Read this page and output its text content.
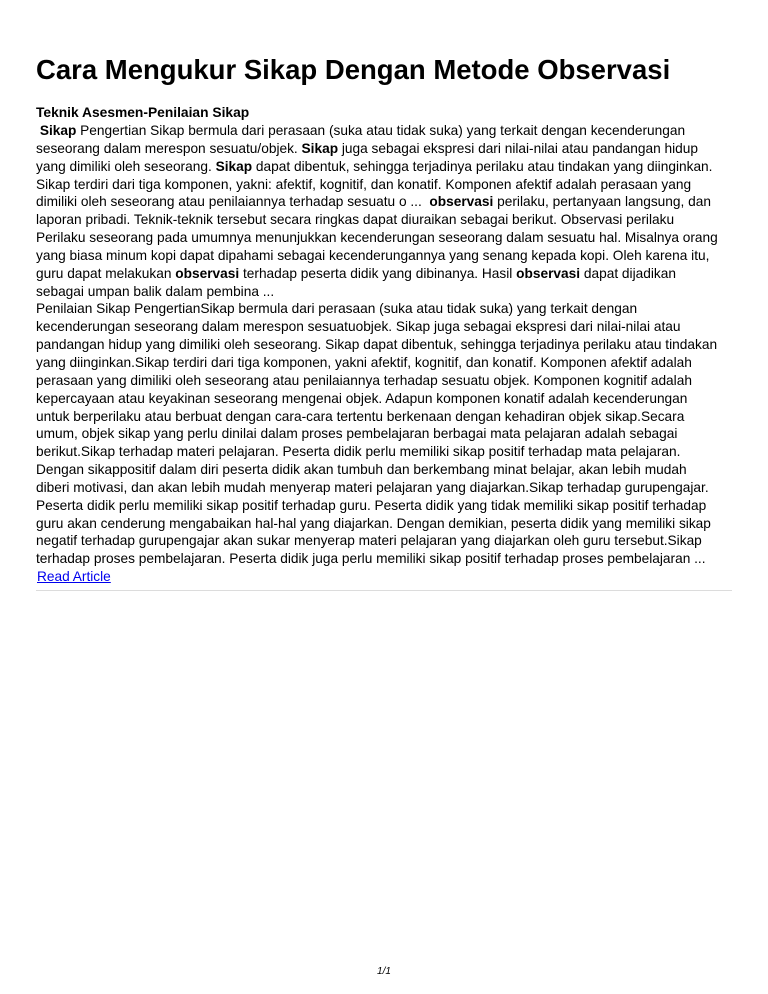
Cara Mengukur Sikap Dengan Metode Observasi
Teknik Asesmen-Penilaian Sikap
Sikap Pengertian Sikap bermula dari perasaan (suka atau tidak suka) yang terkait dengan kecenderungan
seseorang dalam merespon sesuatu/objek. Sikap juga sebagai ekspresi dari nilai-nilai atau pandangan hidup
yang dimiliki oleh seseorang. Sikap dapat dibentuk, sehingga terjadinya perilaku atau tindakan yang diinginkan.
Sikap terdiri dari tiga komponen, yakni: afektif, kognitif, dan konatif. Komponen afektif adalah perasaan yang
dimiliki oleh seseorang atau penilaiannya terhadap sesuatu o ...  observasi perilaku, pertanyaan langsung, dan
laporan pribadi. Teknik-teknik tersebut secara ringkas dapat diuraikan sebagai berikut. Observasi perilaku
Perilaku seseorang pada umumnya menunjukkan kecenderungan seseorang dalam sesuatu hal. Misalnya orang
yang biasa minum kopi dapat dipahami sebagai kecenderungannya yang senang kepada kopi. Oleh karena itu,
guru dapat melakukan observasi terhadap peserta didik yang dibinanya. Hasil observasi dapat dijadikan
sebagai umpan balik dalam pembina ...
Penilaian Sikap PengertianSikap bermula dari perasaan (suka atau tidak suka) yang terkait dengan
kecenderungan seseorang dalam merespon sesuatuobjek. Sikap juga sebagai ekspresi dari nilai-nilai atau
pandangan hidup yang dimiliki oleh seseorang. Sikap dapat dibentuk, sehingga terjadinya perilaku atau tindakan
yang diinginkan.Sikap terdiri dari tiga komponen, yakni afektif, kognitif, dan konatif. Komponen afektif adalah
perasaan yang dimiliki oleh seseorang atau penilaiannya terhadap sesuatu objek. Komponen kognitif adalah
kepercayaan atau keyakinan seseorang mengenai objek. Adapun komponen konatif adalah kecenderungan
untuk berperilaku atau berbuat dengan cara-cara tertentu berkenaan dengan kehadiran objek sikap.Secara
umum, objek sikap yang perlu dinilai dalam proses pembelajaran berbagai mata pelajaran adalah sebagai
berikut.Sikap terhadap materi pelajaran. Peserta didik perlu memiliki sikap positif terhadap mata pelajaran.
Dengan sikappositif dalam diri peserta didik akan tumbuh dan berkembang minat belajar, akan lebih mudah
diberi motivasi, dan akan lebih mudah menyerap materi pelajaran yang diajarkan.Sikap terhadap gurupengajar.
Peserta didik perlu memiliki sikap positif terhadap guru. Peserta didik yang tidak memiliki sikap positif terhadap
guru akan cenderung mengabaikan hal-hal yang diajarkan. Dengan demikian, peserta didik yang memiliki sikap
negatif terhadap gurupengajar akan sukar menyerap materi pelajaran yang diajarkan oleh guru tersebut.Sikap
terhadap proses pembelajaran. Peserta didik juga perlu memiliki sikap positif terhadap proses pembelajaran ...
Read Article
1/1
